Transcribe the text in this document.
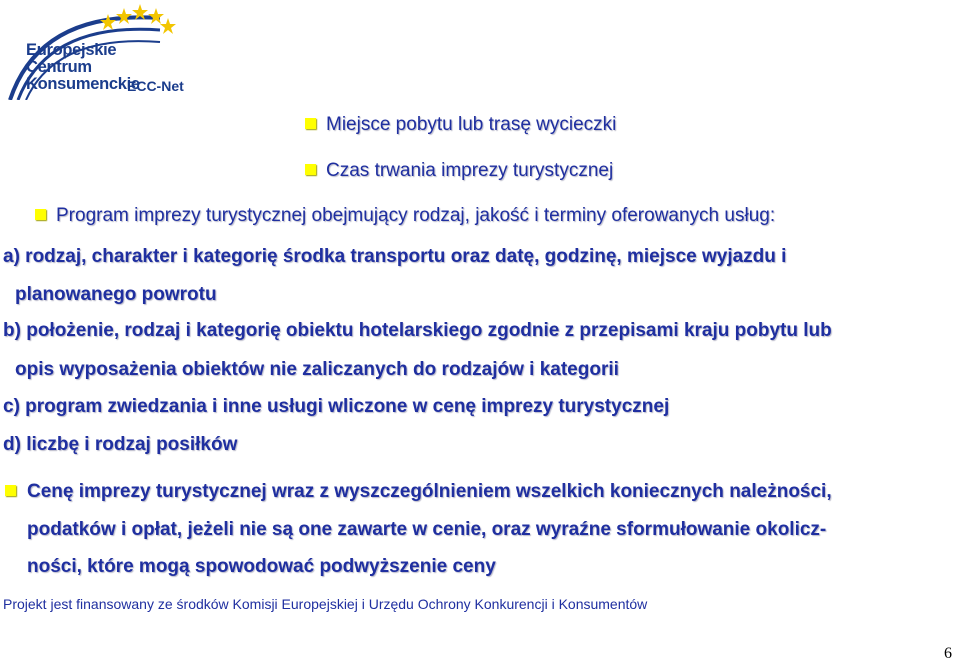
Europejskie
Centrum
Konsumenckie
ECC-Net
Miejsce pobytu lub trasę wycieczki
Czas trwania imprezy turystycznej
Program imprezy turystycznej obejmujący rodzaj, jakość i terminy oferowanych usług:
a) rodzaj, charakter i kategorię środka transportu oraz datę, godzinę, miejsce wyjazdu i
planowanego powrotu
b) położenie, rodzaj i kategorię obiektu hotelarskiego zgodnie z przepisami kraju pobytu lub
opis wyposażenia obiektów nie zaliczanych do rodzajów i kategorii
c) program zwiedzania i inne usługi wliczone w cenę imprezy turystycznej
d) liczbę i rodzaj posiłków
Cenę imprezy turystycznej wraz z wyszczególnieniem wszelkich koniecznych należności,
podatków i opłat, jeżeli nie są one zawarte w cenie, oraz wyraźne sformułowanie okolicz-
ności, które mogą spowodować podwyższenie ceny
Projekt jest finansowany ze środków Komisji Europejskiej i Urzędu Ochrony Konkurencji i Konsumentów
6
